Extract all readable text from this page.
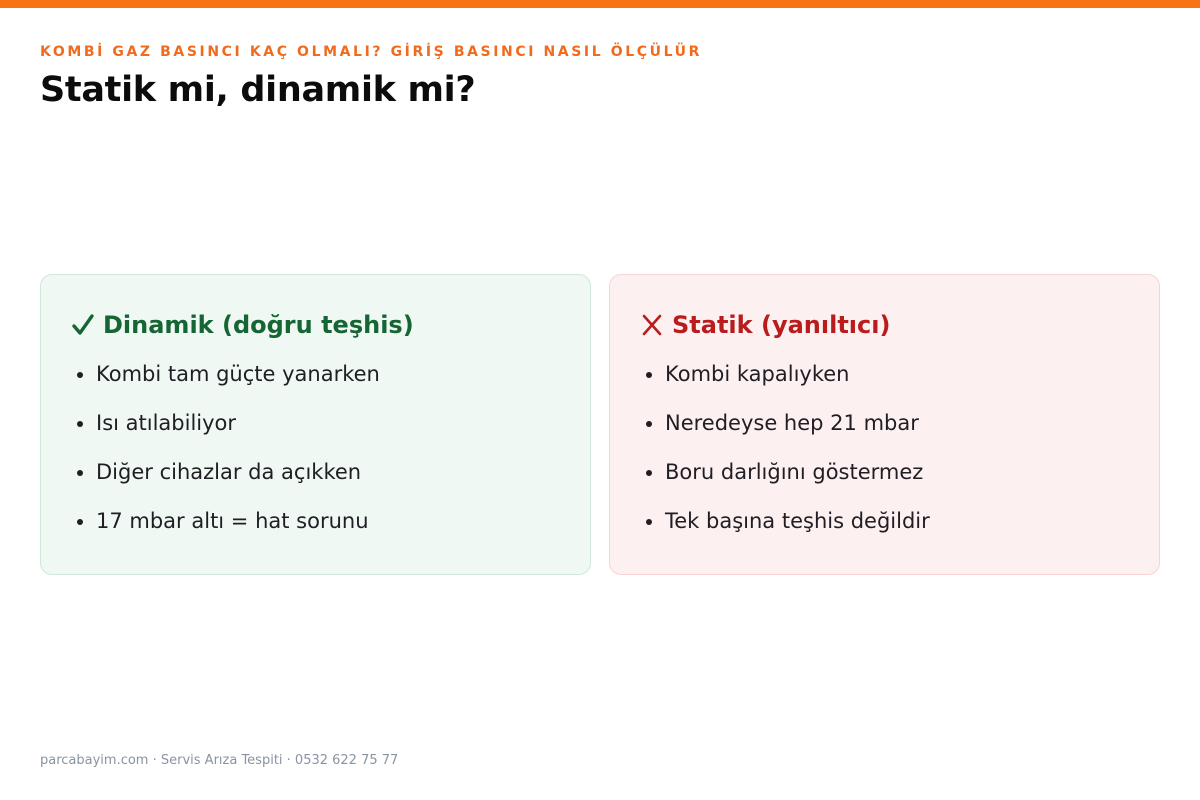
KOMBİ GAZ BASINCI KAÇ OLMALI? GİRİŞ BASINCI NASIL ÖLÇÜLÜR
Statik mi, dinamik mi?
Dinamik (doğru teşhis)
Kombi tam güçte yanarken
Isı atılabiliyor
Diğer cihazlar da açıkken
17 mbar altı = hat sorunu
Statik (yanıltıcı)
Kombi kapalıyken
Neredeyse hep 21 mbar
Boru darlığını göstermez
Tek başına teşhis değildir
parcabayim.com · Servis Arıza Tespiti · 0532 622 75 77
